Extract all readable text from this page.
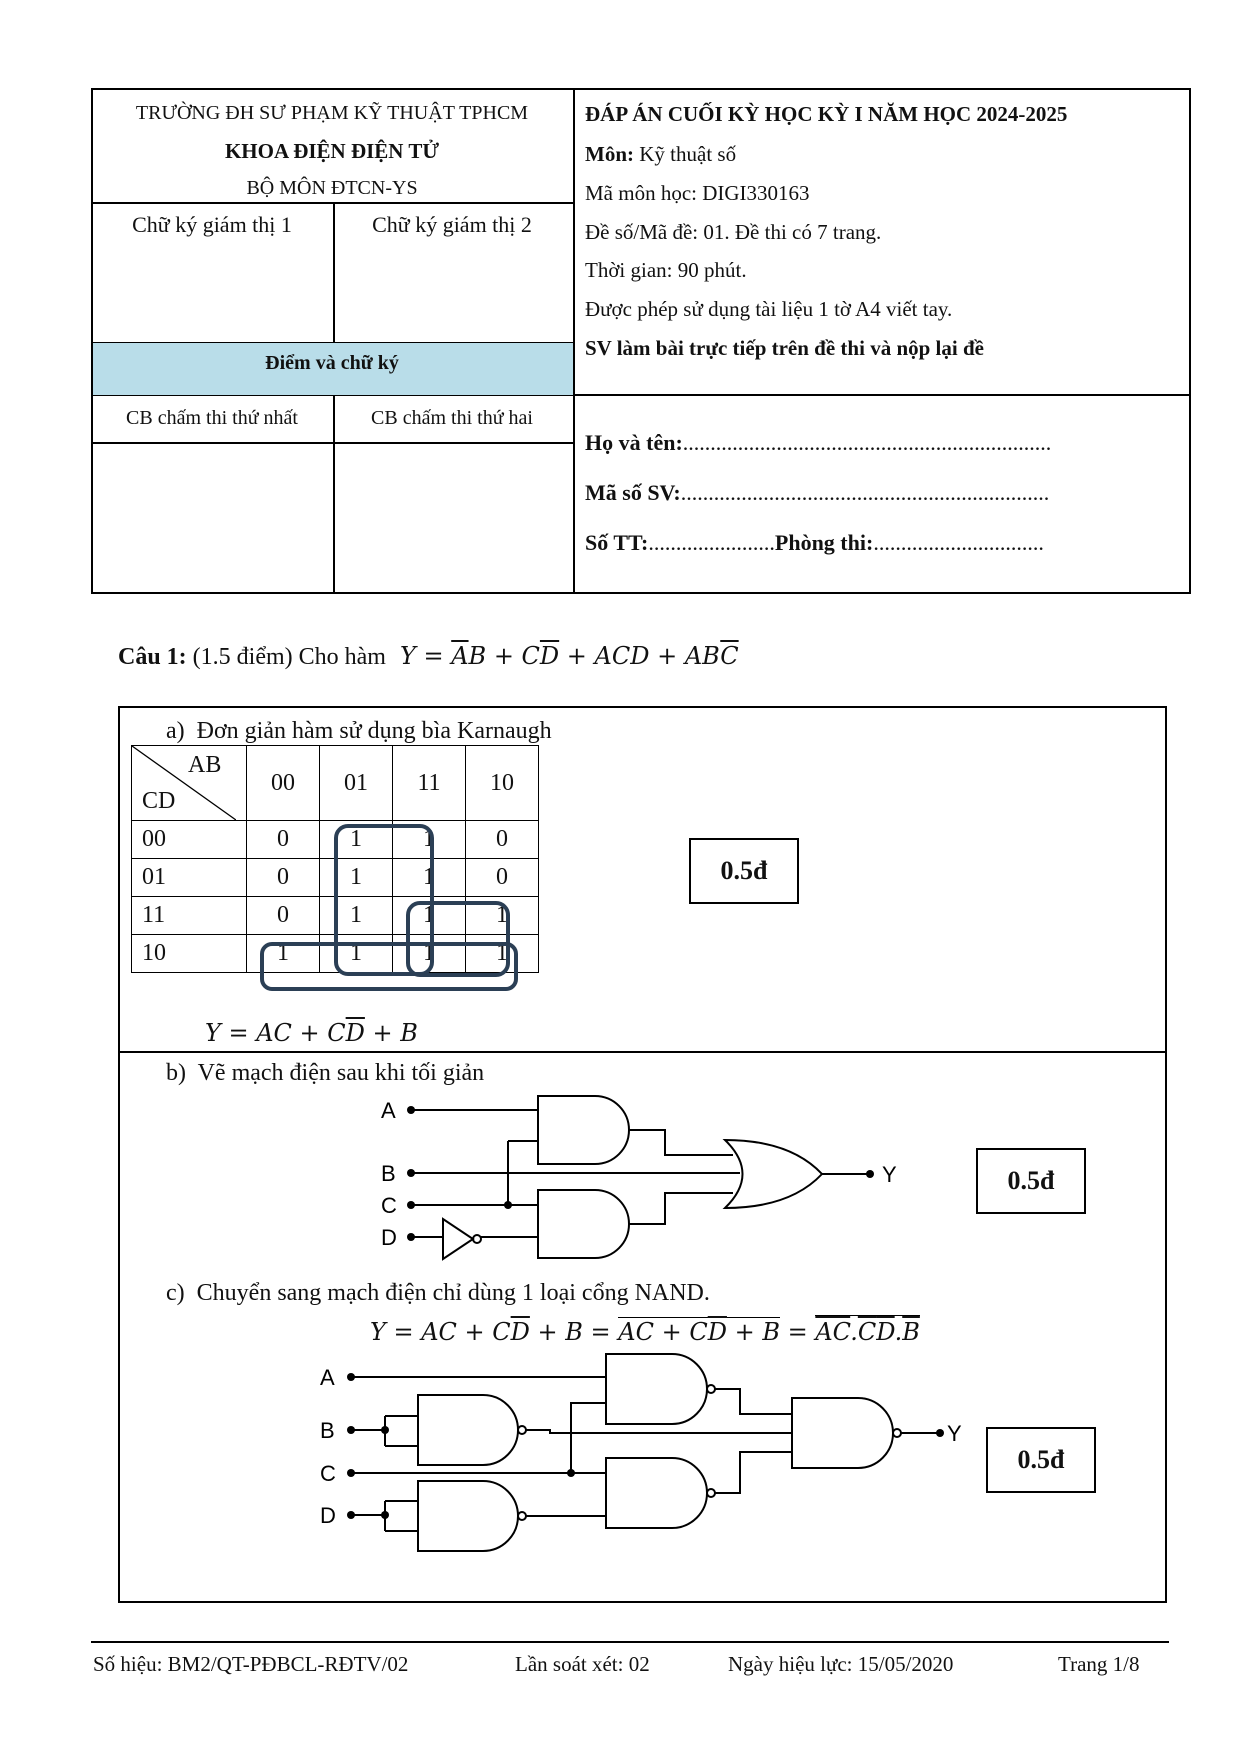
TRƯỜNG ĐH SƯ PHẠM KỸ THUẬT TPHCM
KHOA ĐIỆN ĐIỆN TỬ
BỘ MÔN ĐTCN-YS
Chữ ký giám thị 1	Chữ ký giám thị 2
Điểm và chữ ký
CB chấm thi thứ nhất	CB chấm thi thứ hai
ĐÁP ÁN CUỐI KỲ HỌC KỲ I NĂM HỌC 2024-2025
Môn: Kỹ thuật số
Mã môn học: DIGI330163
Đề số/Mã đề: 01. Đề thi có 7 trang.
Thời gian: 90 phút.
Được phép sử dụng tài liệu 1 tờ A4 viết tay.
SV làm bài trực tiếp trên đề thi và nộp lại đề
Họ và tên:...................................................................
Mã số SV:...................................................................
Số TT:.......................Phòng thi:...............................
Câu 1: (1.5 điểm) Cho hàm $Y = \overline{A}B + C\overline{D}$ + ACD + $AB\overline{C}$
a) Đơn giản hàm sử dụng bìa Karnaugh
AB
CD	00	01	11	10
00	0	1	1	0
01	0	1	1	0
11	0	1	1	1
10	1	1	1	1
0.5đ
Y = AC + $C\overline{D} + B$
b) Vẽ mạch điện sau khi tối giản
A
B
C
D
Y	0.5đ
c) Chuyển sang mạch điện chỉ dùng 1 loại cổng NAND.
Y = AC + $C\overline{D} + B$ = AC + $C\overline{D} + B = \overline{AC}.CD.\overline{B}$
A
B
C
D
Y
0.5đ
Số hiệu: BM2/QT-PĐBCL-RĐTV/02	Lần soát xét: 02	Ngày hiệu lực: 15/05/2020	Trang 1/8
